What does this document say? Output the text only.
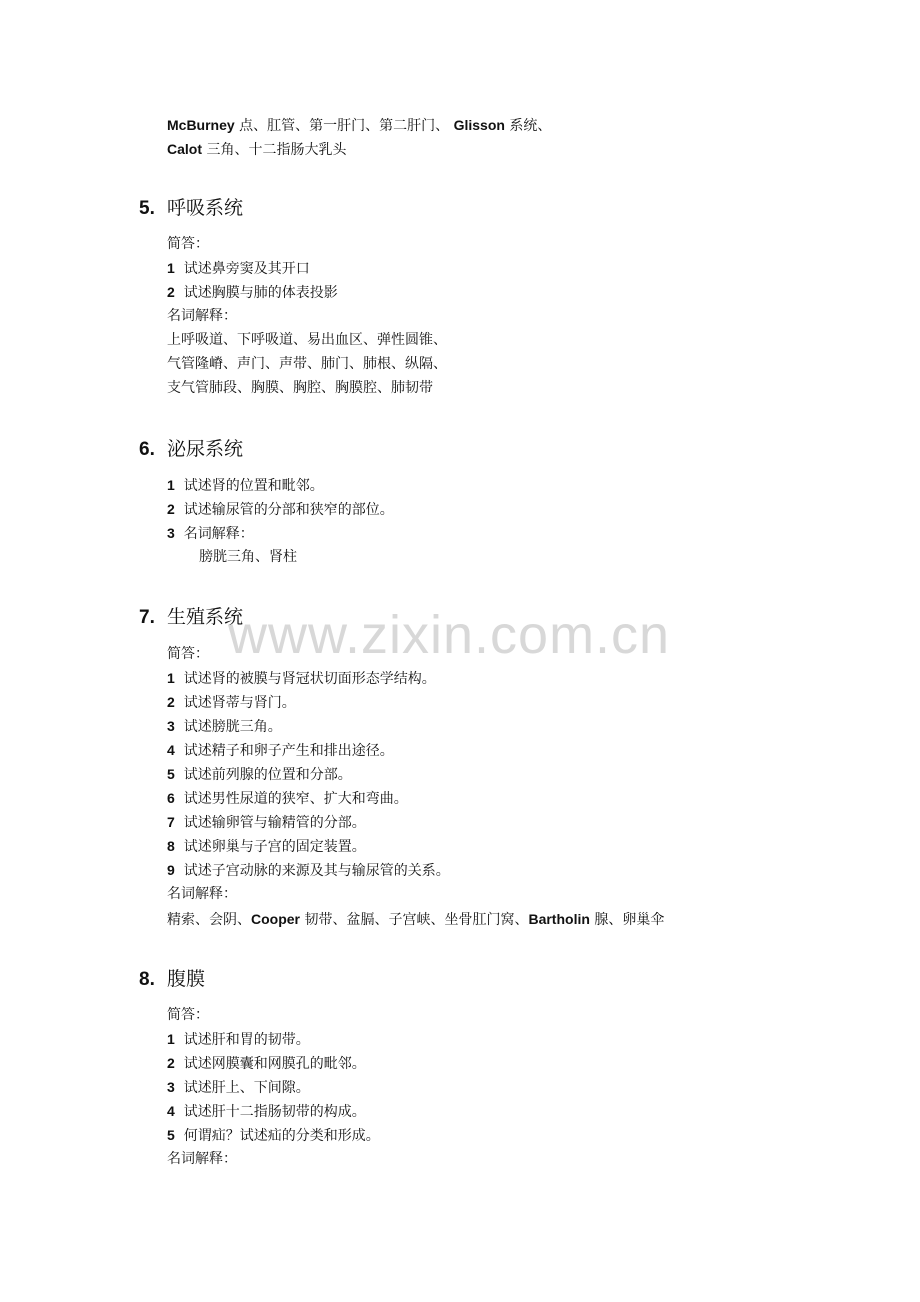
McBurney 点、肛管、第一肝门、第二肝门、 Glisson 系统、
Calot 三角、十二指肠大乳头
5. 呼吸系统
简答：
1 试述鼻旁窦及其开口
2 试述胸膜与肺的体表投影
名词解释：
上呼吸道、下呼吸道、易出血区、弹性圆锥、
气管隆嵴、声门、声带、肺门、肺根、纵隔、
支气管肺段、胸膜、胸腔、胸膜腔、肺韧带
6. 泌尿系统
1 试述肾的位置和毗邻。
2 试述输尿管的分部和狭窄的部位。
3 名词解释：
膀胱三角、肾柱
www.zixin.com.cn
7. 生殖系统
简答：
1 试述肾的被膜与肾冠状切面形态学结构。
2 试述肾蒂与肾门。
3 试述膀胱三角。
4 试述精子和卵子产生和排出途径。
5 试述前列腺的位置和分部。
6 试述男性尿道的狭窄、扩大和弯曲。
7 试述输卵管与输精管的分部。
8 试述卵巢与子宫的固定装置。
9 试述子宫动脉的来源及其与输尿管的关系。
名词解释：
精索、会阴、Cooper 韧带、盆膈、子宫峡、坐骨肛门窝、Bartholin 腺、卵巢伞
8. 腹膜
简答：
1 试述肝和胃的韧带。
2 试述网膜囊和网膜孔的毗邻。
3 试述肝上、下间隙。
4 试述肝十二指肠韧带的构成。
5 何谓疝？试述疝的分类和形成。
名词解释：
